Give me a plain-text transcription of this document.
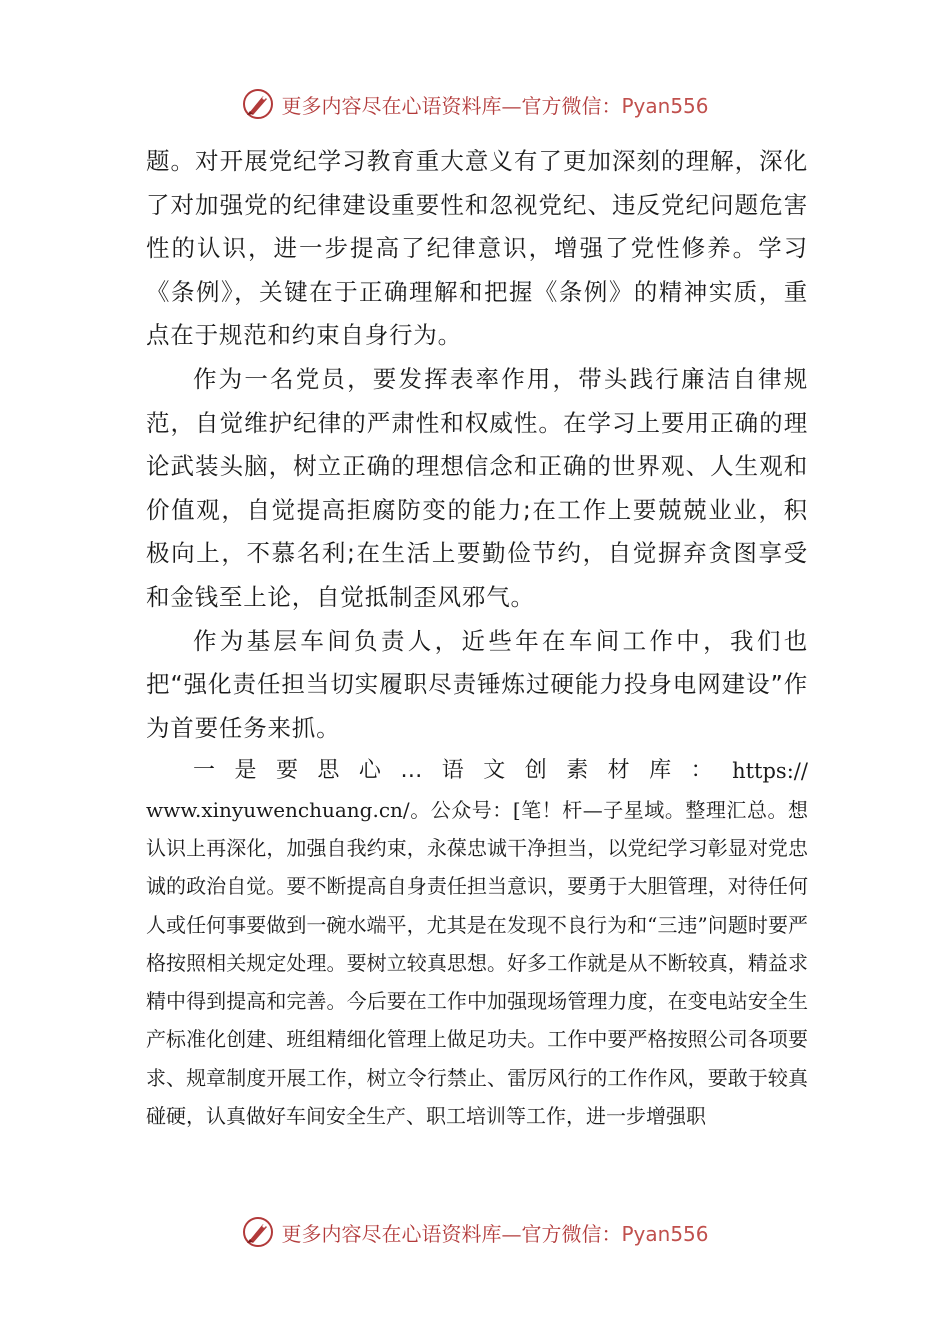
更多内容尽在心语资料库—官方微信：Pyan556

题。对开展党纪学习教育重大意义有了更加深刻的理解，深化了对加强党的纪律建设重要性和忽视党纪、违反党纪问题危害性的认识，进一步提高了纪律意识，增强了党性修养。学习《条例》，关键在于正确理解和把握《条例》的精神实质，重点在于规范和约束自身行为。

作为一名党员，要发挥表率作用，带头践行廉洁自律规范，自觉维护纪律的严肃性和权威性。在学习上要用正确的理论武装头脑，树立正确的理想信念和正确的世界观、人生观和价值观，自觉提高拒腐防变的能力;在工作上要兢兢业业，积极向上，不慕名利;在生活上要勤俭节约，自觉摒弃贪图享受和金钱至上论，自觉抵制歪风邪气。

作为基层车间负责人，近些年在车间工作中，我们也把“强化责任担当切实履职尽责锤炼过硬能力投身电网建设”作为首要任务来抓。

一 是 要 思 心 … 语 文 创 素 材 库 ： https://

www.xinyuwenchuang.cn/。公众号：[笔！杆—子星域。整理汇总。想认识上再深化，加强自我约束，永葆忠诚干净担当，以党纪学习彰显对党忠诚的政治自觉。要不断提高自身责任担当意识，要勇于大胆管理，对待任何人或任何事要做到一碗水端平，尤其是在发现不良行为和“三违”问题时要严格按照相关规定处理。要树立较真思想。好多工作就是从不断较真，精益求精中得到提高和完善。今后要在工作中加强现场管理力度，在变电站安全生产标准化创建、班组精细化管理上做足功夫。工作中要严格按照公司各项要求、规章制度开展工作，树立令行禁止、雷厉风行的工作作风，要敢于较真碰硬，认真做好车间安全生产、职工培训等工作，进一步增强职

更多内容尽在心语资料库—官方微信：Pyan556
